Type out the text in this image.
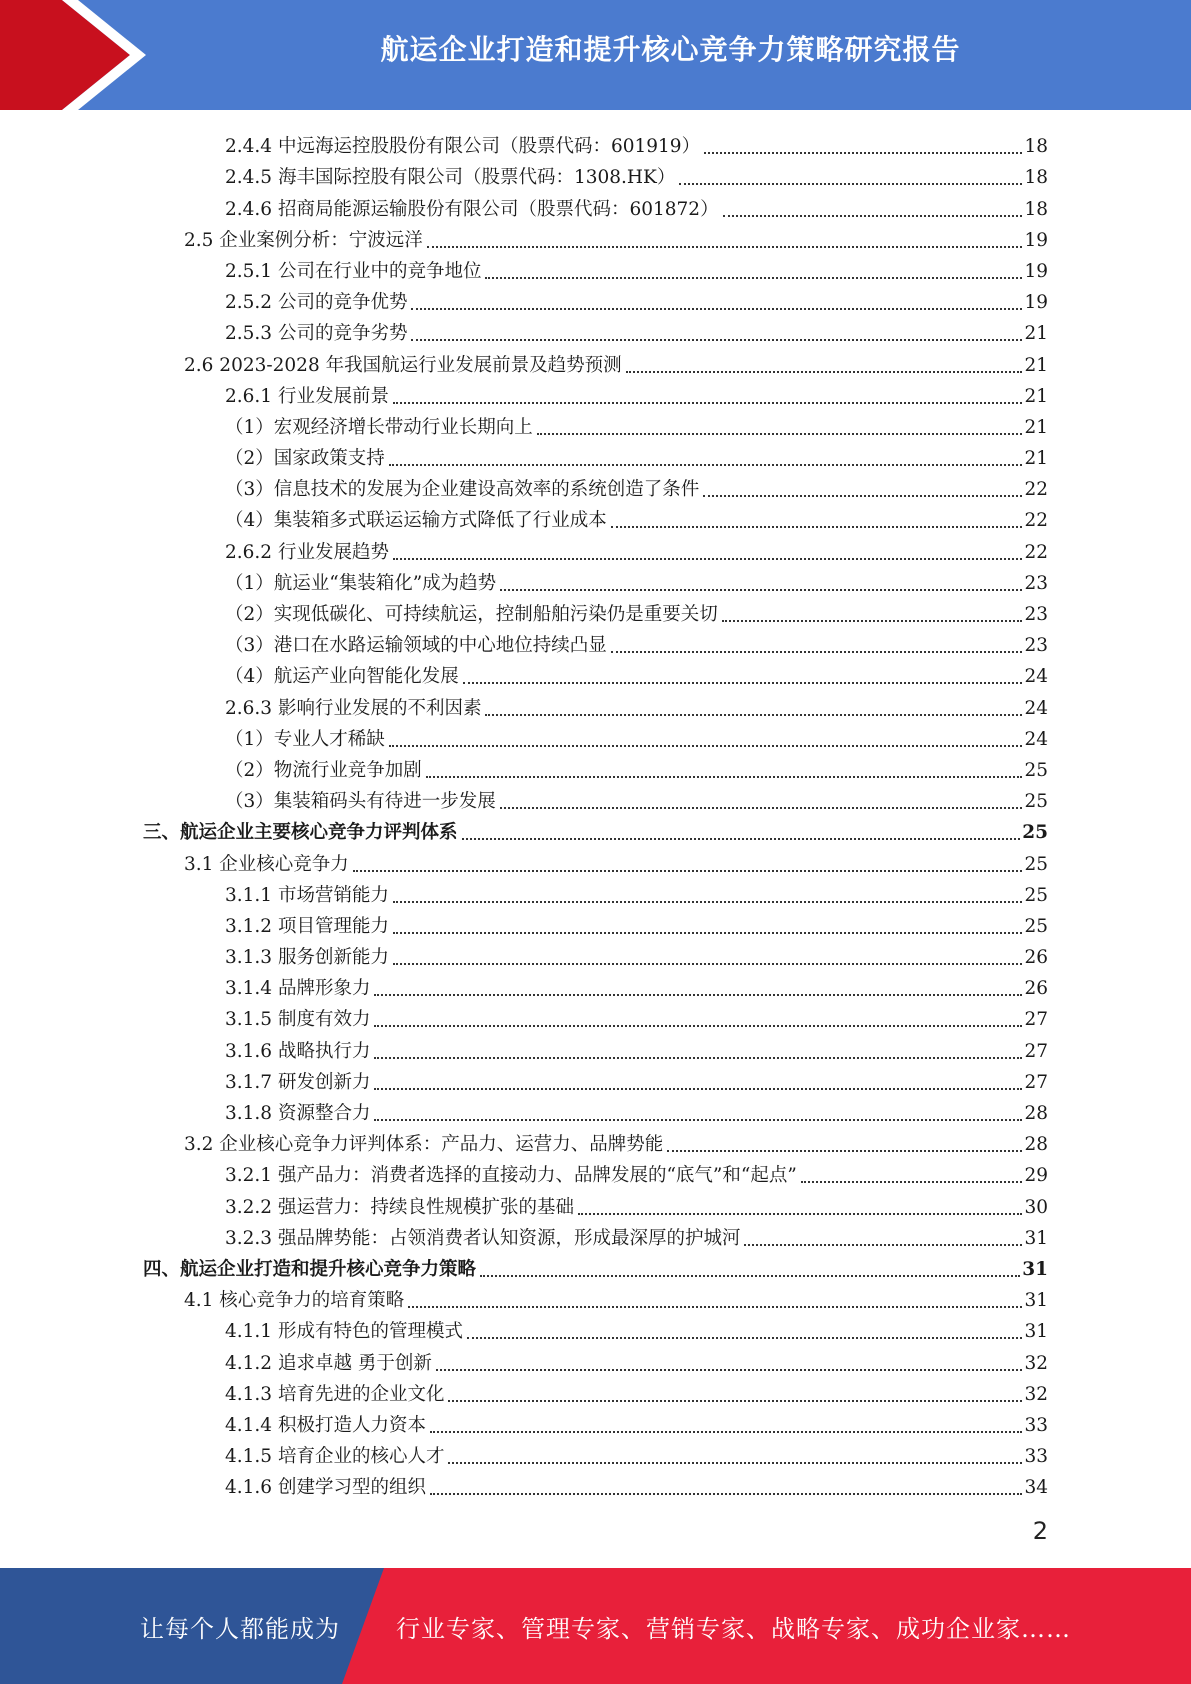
航运企业打造和提升核心竞争力策略研究报告
2.4.4 中远海运控股股份有限公司（股票代码：601919）	18
2.4.5 海丰国际控股有限公司（股票代码：1308.HK）	18
2.4.6 招商局能源运输股份有限公司（股票代码：601872）	18
2.5 企业案例分析：宁波远洋	19
2.5.1 公司在行业中的竞争地位	19
2.5.2 公司的竞争优势	19
2.5.3 公司的竞争劣势	21
2.6 2023-2028 年我国航运行业发展前景及趋势预测	21
2.6.1 行业发展前景	21
（1）宏观经济增长带动行业长期向上	21
（2）国家政策支持	21
（3）信息技术的发展为企业建设高效率的系统创造了条件	22
（4）集装箱多式联运运输方式降低了行业成本	22
2.6.2 行业发展趋势	22
（1）航运业“集装箱化”成为趋势	23
（2）实现低碳化、可持续航运，控制船舶污染仍是重要关切	23
（3）港口在水路运输领域的中心地位持续凸显	23
（4）航运产业向智能化发展	24
2.6.3 影响行业发展的不利因素	24
（1）专业人才稀缺	24
（2）物流行业竞争加剧	25
（3）集装箱码头有待进一步发展	25
三、航运企业主要核心竞争力评判体系	25
3.1 企业核心竞争力	25
3.1.1 市场营销能力	25
3.1.2 项目管理能力	25
3.1.3 服务创新能力	26
3.1.4 品牌形象力	26
3.1.5 制度有效力	27
3.1.6 战略执行力	27
3.1.7 研发创新力	27
3.1.8 资源整合力	28
3.2 企业核心竞争力评判体系：产品力、运营力、品牌势能	28
3.2.1 强产品力：消费者选择的直接动力、品牌发展的“底气”和“起点”	29
3.2.2 强运营力：持续良性规模扩张的基础	30
3.2.3 强品牌势能：占领消费者认知资源，形成最深厚的护城河	31
四、航运企业打造和提升核心竞争力策略	31
4.1 核心竞争力的培育策略	31
4.1.1 形成有特色的管理模式	31
4.1.2 追求卓越 勇于创新	32
4.1.3 培育先进的企业文化	32
4.1.4 积极打造人力资本	33
4.1.5 培育企业的核心人才	33
4.1.6 创建学习型的组织	34
2
让每个人都能成为	行业专家、管理专家、营销专家、战略专家、成功企业家……
